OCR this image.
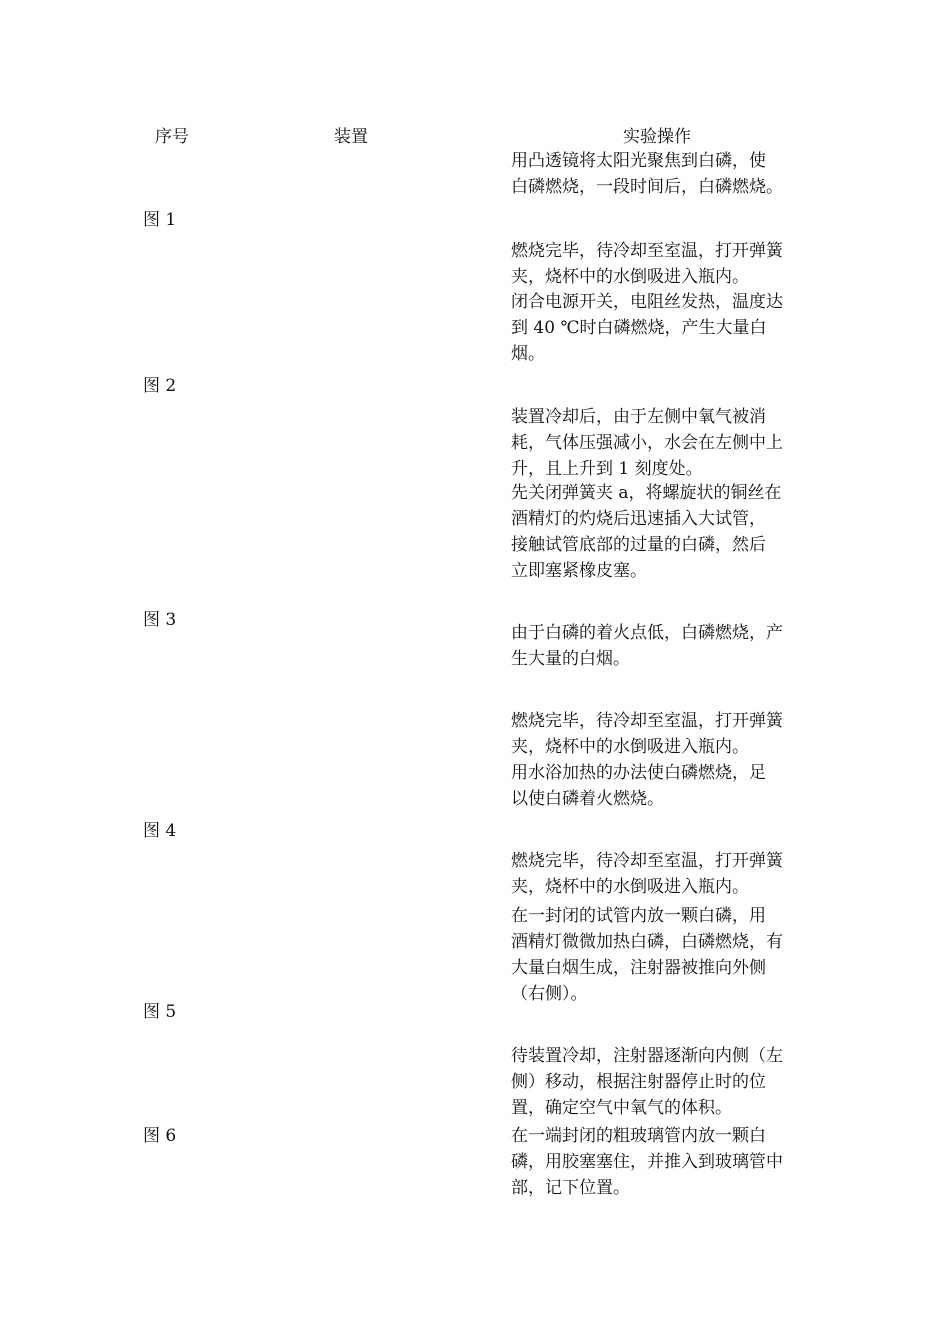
序号	装置	实验操作
图 1
图 2
图 3
图 4
图 5
图 6
用凸透镜将太阳光聚焦到白磷，使
白磷燃烧，一段时间后，白磷燃烧。
燃烧完毕，待冷却至室温，打开弹簧
夹，烧杯中的水倒吸进入瓶内。
闭合电源开关，电阻丝发热，温度达
到 40 ℃时白磷燃烧，产生大量白
烟。
装置冷却后，由于左侧中氧气被消
耗，气体压强减小，水会在左侧中上
升，且上升到 1 刻度处。
先关闭弹簧夹 a，将螺旋状的铜丝在
酒精灯的灼烧后迅速插入大试管，
接触试管底部的过量的白磷，然后
立即塞紧橡皮塞。
由于白磷的着火点低，白磷燃烧，产
生大量的白烟。
燃烧完毕，待冷却至室温，打开弹簧
夹，烧杯中的水倒吸进入瓶内。
用水浴加热的办法使白磷燃烧，足
以使白磷着火燃烧。
燃烧完毕，待冷却至室温，打开弹簧
夹，烧杯中的水倒吸进入瓶内。
在一封闭的试管内放一颗白磷，用
酒精灯微微加热白磷，白磷燃烧，有
大量白烟生成，注射器被推向外侧
（右侧）。
待装置冷却，注射器逐渐向内侧（左
侧）移动，根据注射器停止时的位
置，确定空气中氧气的体积。
在一端封闭的粗玻璃管内放一颗白
磷，用胶塞塞住，并推入到玻璃管中
部，记下位置。
